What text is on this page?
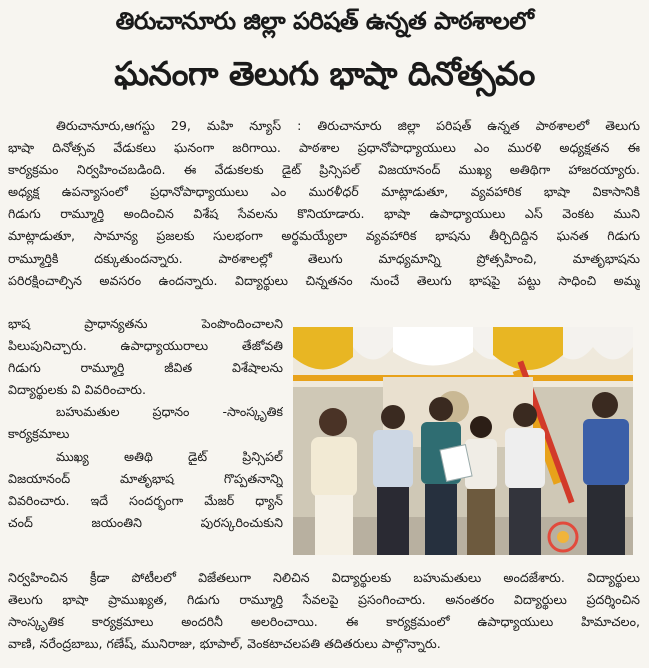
తిరుచానూరు జిల్లా పరిషత్ ఉన్నత పాఠశాలలో
ఘనంగా తెలుగు భాషా దినోత్సవం
తిరుచానూరు,ఆగస్టు 29, మహి న్యూస్ : తిరుచానూరు జిల్లా పరిషత్ ఉన్నత పాఠశాలలో తెలుగు
భాషా దినోత్సవ వేడుకలు ఘనంగా జరిగాయి. పాఠశాల ప్రధానోపాధ్యాయులు ఎం మురళి అధ్యక్షతన ఈ
కార్యక్రమం నిర్వహించబడింది. ఈ వేడుకలకు డైట్ ప్రిన్సిపల్ విజయానంద్ ముఖ్య అతిథిగా హాజరయ్యారు.
అధ్యక్ష ఉపన్యాసంలో ప్రధానోపాధ్యాయులు ఎం మురళీధర్ మాట్లాడుతూ, వ్యవహారిక భాషా వికాసానికి
గిడుగు రామ్మూర్తి అందించిన విశేష సేవలను కొనియాడారు. భాషా ఉపాధ్యాయులు ఎస్ వెంకట ముని
మాట్లాడుతూ, సామాన్య ప్రజలకు సులభంగా అర్థమయ్యేలా వ్యవహారిక భాషను తీర్చిదిద్దిన ఘనత గిడుగు
రామ్మూర్తికి దక్కుతుందన్నారు. పాఠశాలల్లో తెలుగు మాధ్యమాన్ని ప్రోత్సహించి, మాతృభాషను
పరిరక్షించాల్సిన అవసరం ఉందన్నారు. విద్యార్థులు చిన్నతనం నుంచే తెలుగు భాషపై పట్టు సాధించి అమ్మ
భాష ప్రాధాన్యతను పెంపొందించాలని
పిలుపునిచ్చారు. ఉపాధ్యాయురాలు తేజోవతి
గిడుగు రామ్మూర్తి జీవిత విశేషాలను
విద్యార్థులకు వి వివరించారు.
బహుమతుల ప్రధానం -సాంస్కృతిక
కార్యక్రమాలు
ముఖ్య అతిథి డైట్ ప్రిన్సిపల్
విజయానంద్ మాతృభాష గొప్పతనాన్ని
వివరించారు. ఇదే సందర్భంగా మేజర్ ధ్యాన్
చంద్ జయంతిని పురస్కరించుకుని
నిర్వహించిన క్రీడా పోటీలలో విజేతలుగా నిలిచిన విద్యార్థులకు బహుమతులు అందజేశారు. విద్యార్థులు
తెలుగు భాషా ప్రాముఖ్యత, గిడుగు రామ్మూర్తి సేవలపై ప్రసంగించారు. అనంతరం విద్యార్థులు ప్రదర్శించిన
సాంస్కృతిక కార్యక్రమాలు అందరినీ అలరించాయి. ఈ కార్యక్రమంలో ఉపాధ్యాయులు హిమాచలం,
వాణి, నరేంద్రబాబు, గణేష్, మునిరాజు, భూపాల్, వెంకటాచలపతి తదితరులు పాల్గొన్నారు.
